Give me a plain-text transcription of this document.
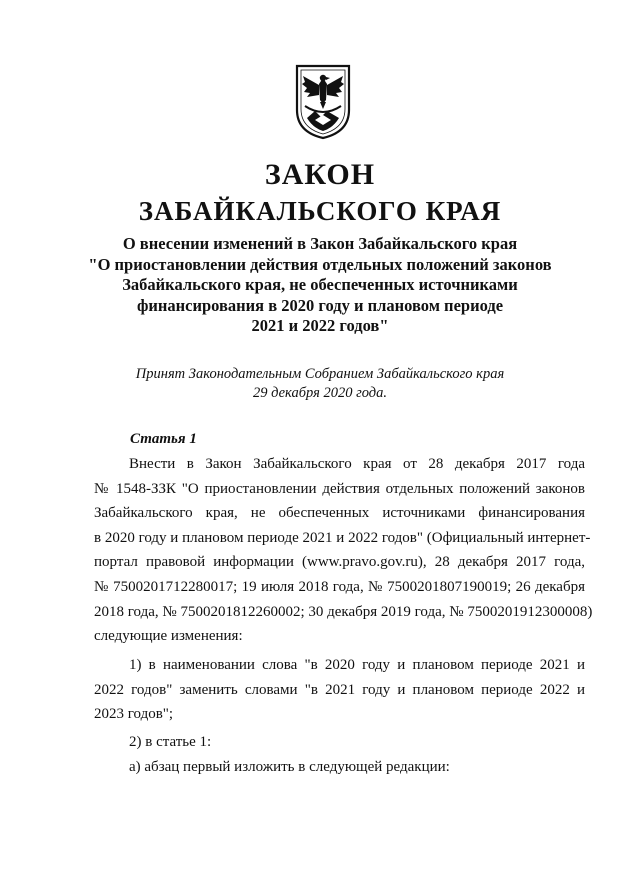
ЗАКОН
ЗАБАЙКАЛЬСКОГО КРАЯ
О внесении изменений в Закон Забайкальского края
"О приостановлении действия отдельных положений законов
Забайкальского края, не обеспеченных источниками
финансирования в 2020 году и плановом периоде
2021 и 2022 годов"
Принят Законодательным Собранием Забайкальского края
29 декабря 2020 года.
Статья 1
Внести в Закон Забайкальского края от 28 декабря 2017 года
№ 1548-ЗЗК "О приостановлении действия отдельных положений законов
Забайкальского края, не обеспеченных источниками финансирования
в 2020 году и плановом периоде 2021 и 2022 годов" (Официальный интернет-
портал правовой информации (www.pravo.gov.ru), 28 декабря 2017 года,
№ 7500201712280017; 19 июля 2018 года, № 7500201807190019; 26 декабря
2018 года, № 7500201812260002; 30 декабря 2019 года, № 7500201912300008)
следующие изменения:
1) в наименовании слова "в 2020 году и плановом периоде 2021 и
2022 годов" заменить словами "в 2021 году и плановом периоде 2022 и
2023 годов";
2) в статье 1:
а) абзац первый изложить в следующей редакции:
